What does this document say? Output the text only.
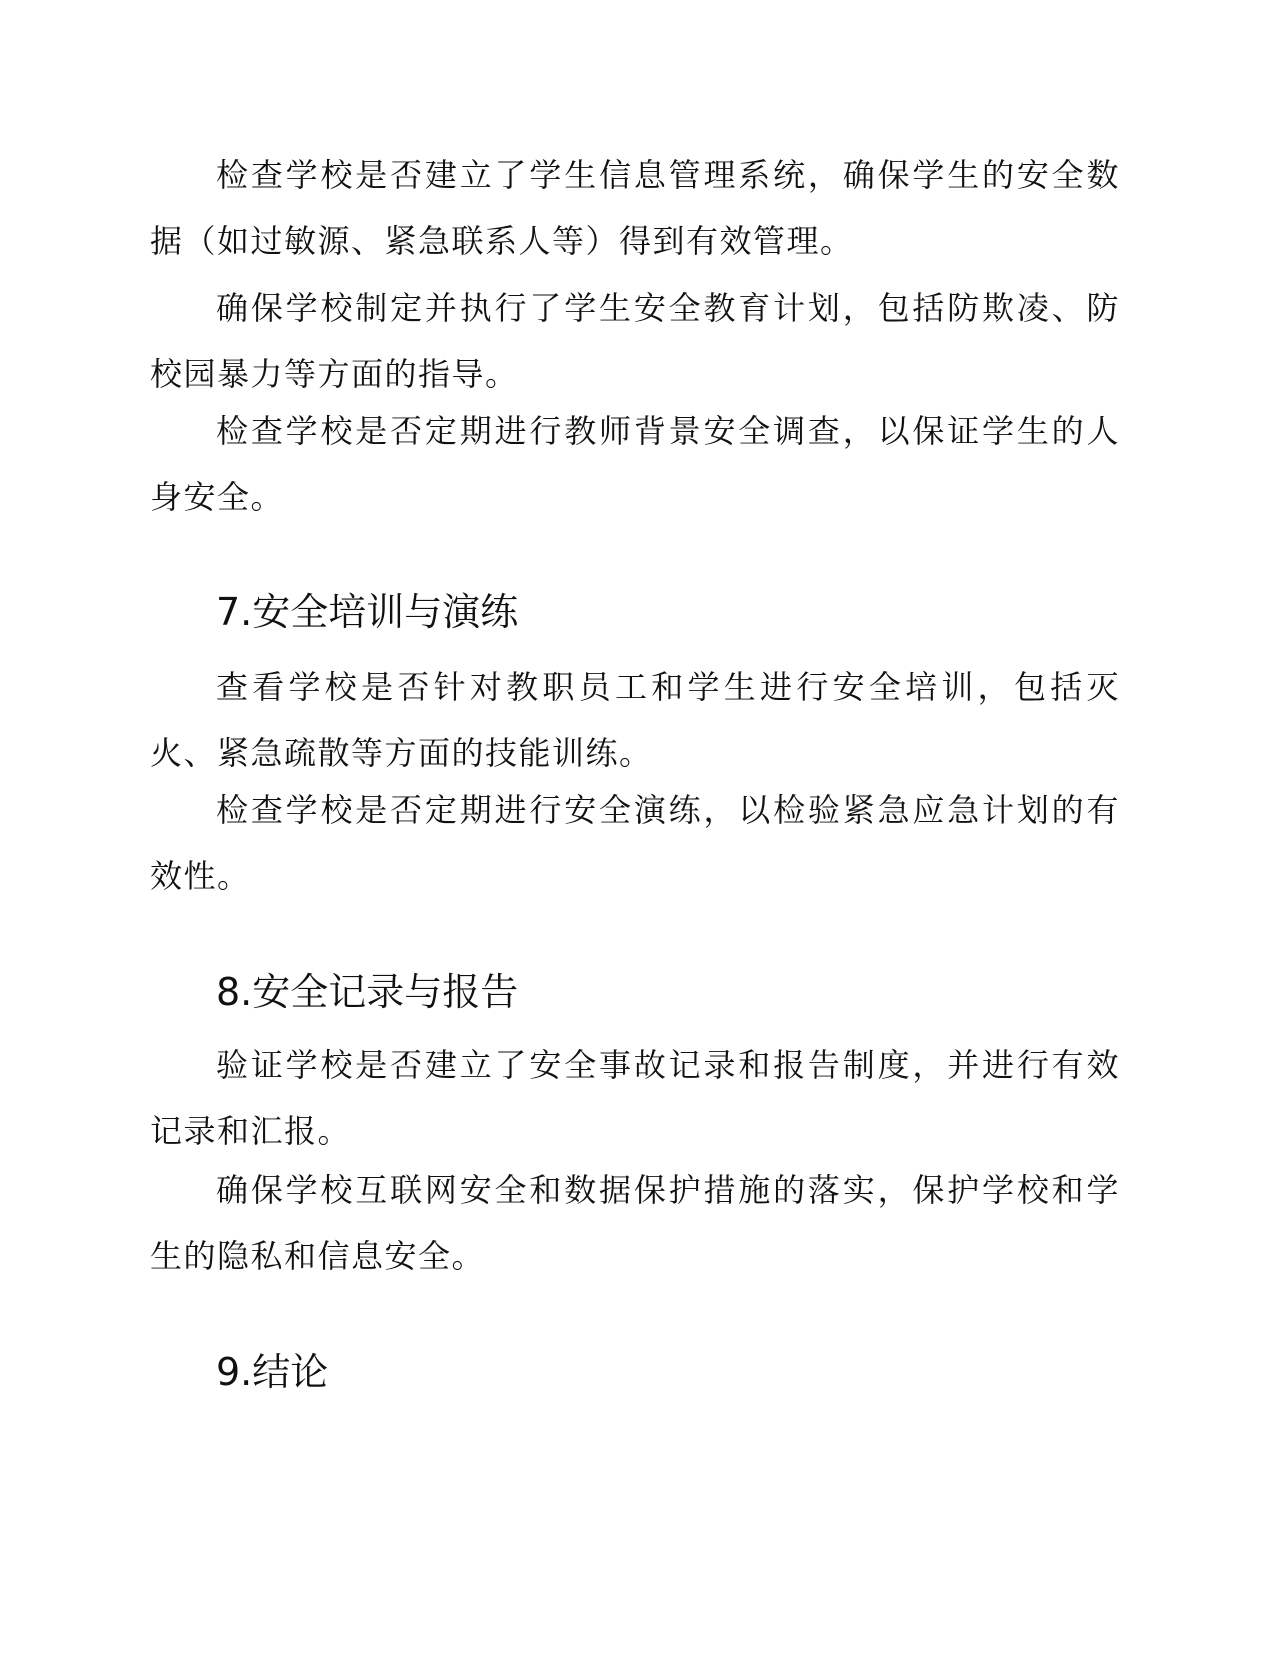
检查学校是否建立了学生信息管理系统，确保学生的安全数据（如过敏源、紧急联系人等）得到有效管理。

确保学校制定并执行了学生安全教育计划，包括防欺凌、防校园暴力等方面的指导。

检查学校是否定期进行教师背景安全调查，以保证学生的人身安全。

7.安全培训与演练

查看学校是否针对教职员工和学生进行安全培训，包括灭火、紧急疏散等方面的技能训练。

检查学校是否定期进行安全演练，以检验紧急应急计划的有效性。

8.安全记录与报告

验证学校是否建立了安全事故记录和报告制度，并进行有效记录和汇报。

确保学校互联网安全和数据保护措施的落实，保护学校和学生的隐私和信息安全。

9.结论
